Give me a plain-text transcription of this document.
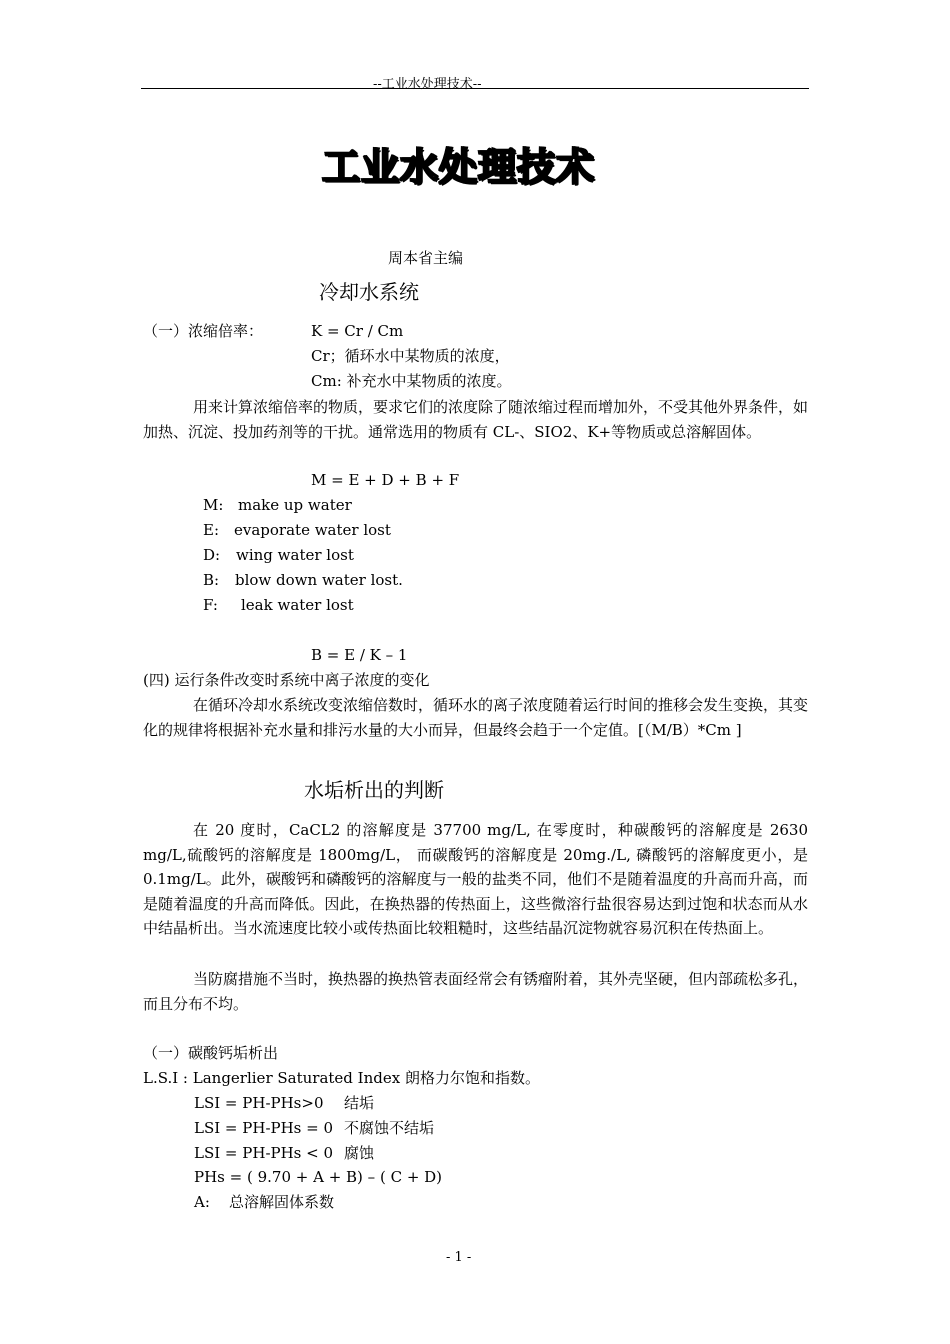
--工业水处理技术--
工业水处理技术
周本省主编
冷却水系统
（一）浓缩倍率：	K = Cr / Cm
Cr；循环水中某物质的浓度，
Cm: 补充水中某物质的浓度。
用来计算浓缩倍率的物质，要求它们的浓度除了随浓缩过程而增加外，不受其他外界条件，如加热、沉淀、投加药剂等的干扰。通常选用的物质有 CL-、SIO2、K+等物质或总溶解固体。
M = E + D + B + F
M: make up water
E: evaporate water lost
D: wing water lost
B: blow down water lost.
F: leak water lost
B = E / K – 1
(四) 运行条件改变时系统中离子浓度的变化
在循环冷却水系统改变浓缩倍数时，循环水的离子浓度随着运行时间的推移会发生变换，其变化的规律将根据补充水量和排污水量的大小而异，但最终会趋于一个定值。[（M/B）*Cm ]
水垢析出的判断
在 20 度时，CaCL2 的溶解度是 37700 mg/L, 在零度时，种碳酸钙的溶解度是 2630 mg/L,硫酸钙的溶解度是 1800mg/L， 而碳酸钙的溶解度是 20mg./L, 磷酸钙的溶解度更小，是 0.1mg/L。此外，碳酸钙和磷酸钙的溶解度与一般的盐类不同，他们不是随着温度的升高而升高，而是随着温度的升高而降低。因此，在换热器的传热面上，这些微溶行盐很容易达到过饱和状态而从水中结晶析出。当水流速度比较小或传热面比较粗糙时，这些结晶沉淀物就容易沉积在传热面上。
当防腐措施不当时，换热器的换热管表面经常会有锈瘤附着，其外壳坚硬，但内部疏松多孔，而且分布不均。
（一）碳酸钙垢析出
L.S.I : Langerlier Saturated Index 朗格力尔饱和指数。
LSI = PH-PHs>0 结垢
LSI = PH-PHs = 0 不腐蚀不结垢
LSI = PH-PHs < 0 腐蚀
PHs = ( 9.70 + A + B) – ( C + D)
A: 总溶解固体系数
- 1 -
